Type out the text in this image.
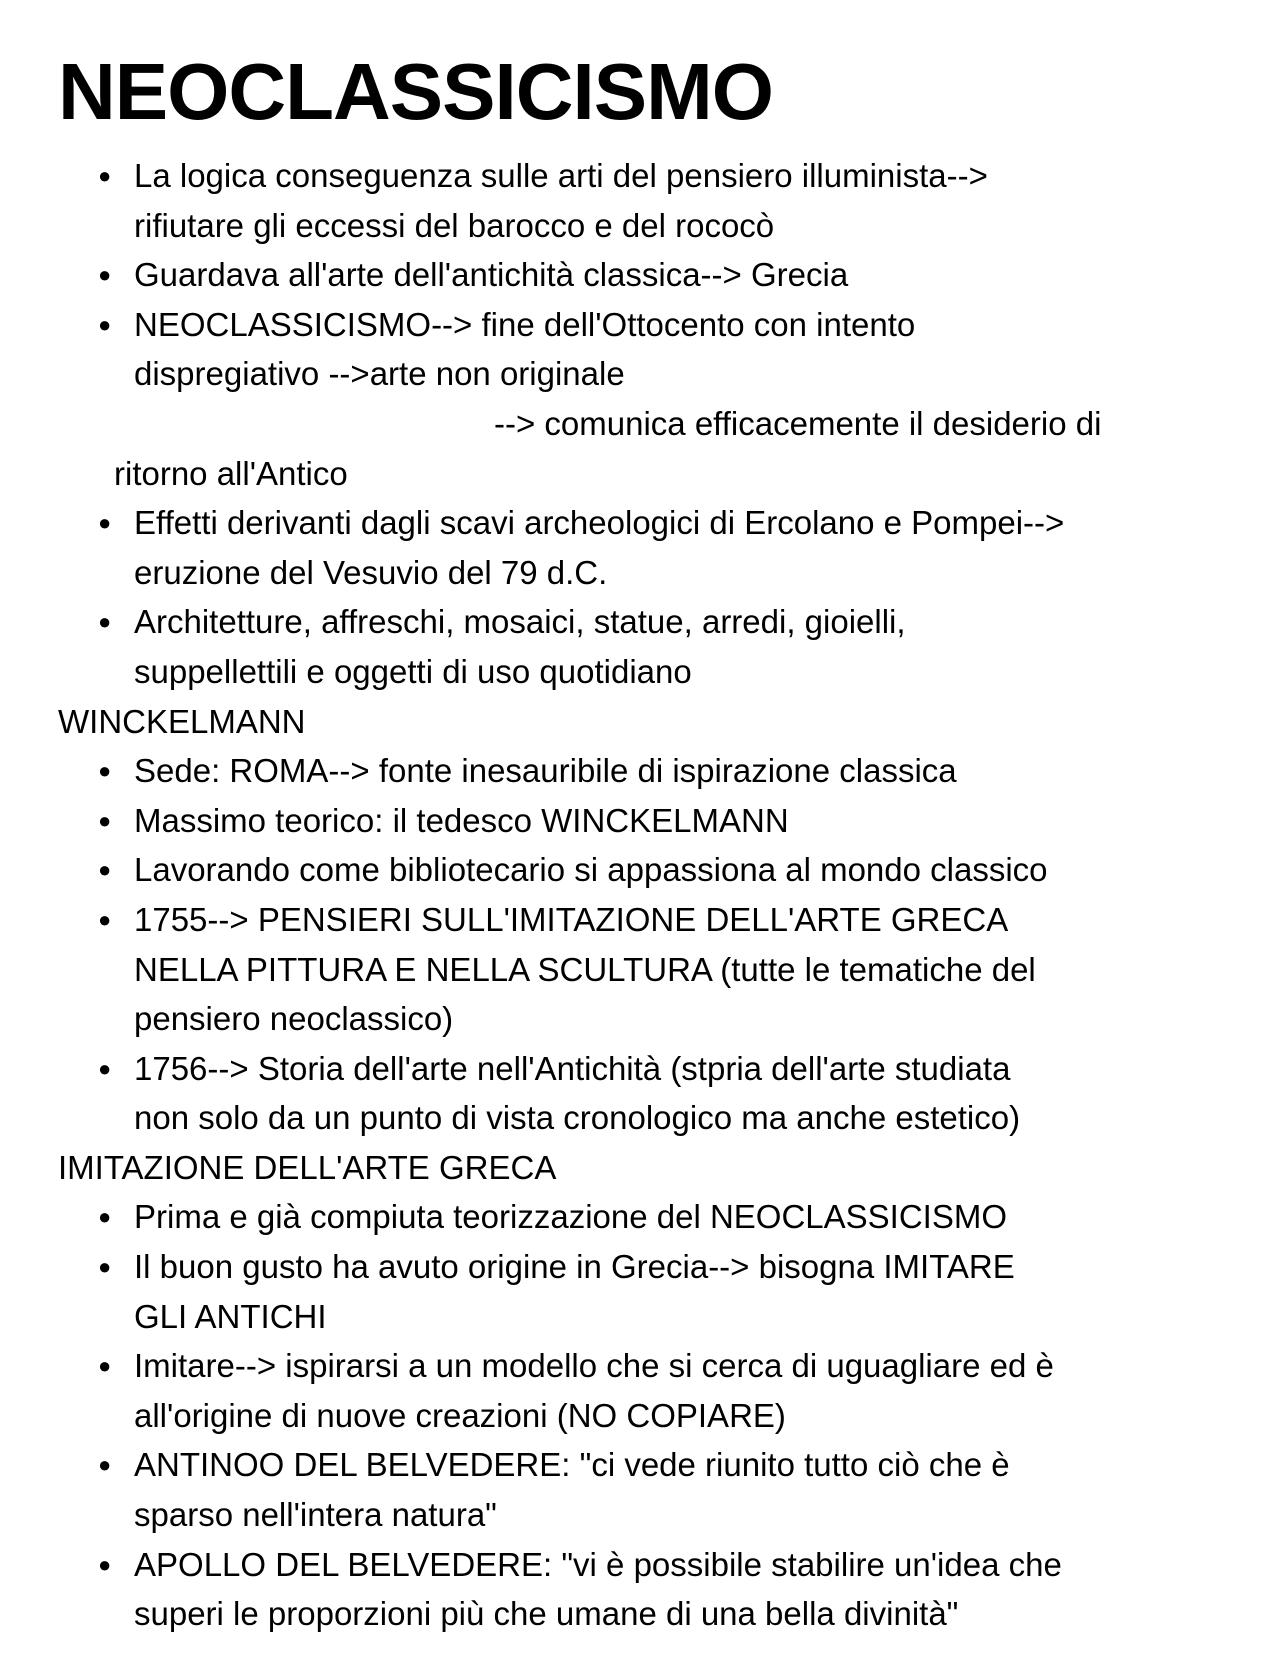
NEOCLASSICISMO
● La logica conseguenza sulle arti del pensiero illuminista-->
rifiutare gli eccessi del barocco e del rococò
● Guardava all'arte dell'antichità classica--> Grecia
● NEOCLASSICISMO--> fine dell'Ottocento con intento
dispregiativo -->arte non originale
--> comunica efficacemente il desiderio di
ritorno all'Antico
● Effetti derivanti dagli scavi archeologici di Ercolano e Pompei-->
eruzione del Vesuvio del 79 d.C.
● Architetture, affreschi, mosaici, statue, arredi, gioielli,
suppellettili e oggetti di uso quotidiano
WINCKELMANN
● Sede: ROMA--> fonte inesauribile di ispirazione classica
● Massimo teorico: il tedesco WINCKELMANN
● Lavorando come bibliotecario si appassiona al mondo classico
● 1755--> PENSIERI SULL'IMITAZIONE DELL'ARTE GRECA
NELLA PITTURA E NELLA SCULTURA (tutte le tematiche del
pensiero neoclassico)
● 1756--> Storia dell'arte nell'Antichità (stpria dell'arte studiata
non solo da un punto di vista cronologico ma anche estetico)
IMITAZIONE DELL'ARTE GRECA
● Prima e già compiuta teorizzazione del NEOCLASSICISMO
● Il buon gusto ha avuto origine in Grecia--> bisogna IMITARE
GLI ANTICHI
● Imitare--> ispirarsi a un modello che si cerca di uguagliare ed è
all'origine di nuove creazioni (NO COPIARE)
● ANTINOO DEL BELVEDERE: "ci vede riunito tutto ciò che è
sparso nell'intera natura"
● APOLLO DEL BELVEDERE: "vi è possibile stabilire un'idea che
superi le proporzioni più che umane di una bella divinità"
